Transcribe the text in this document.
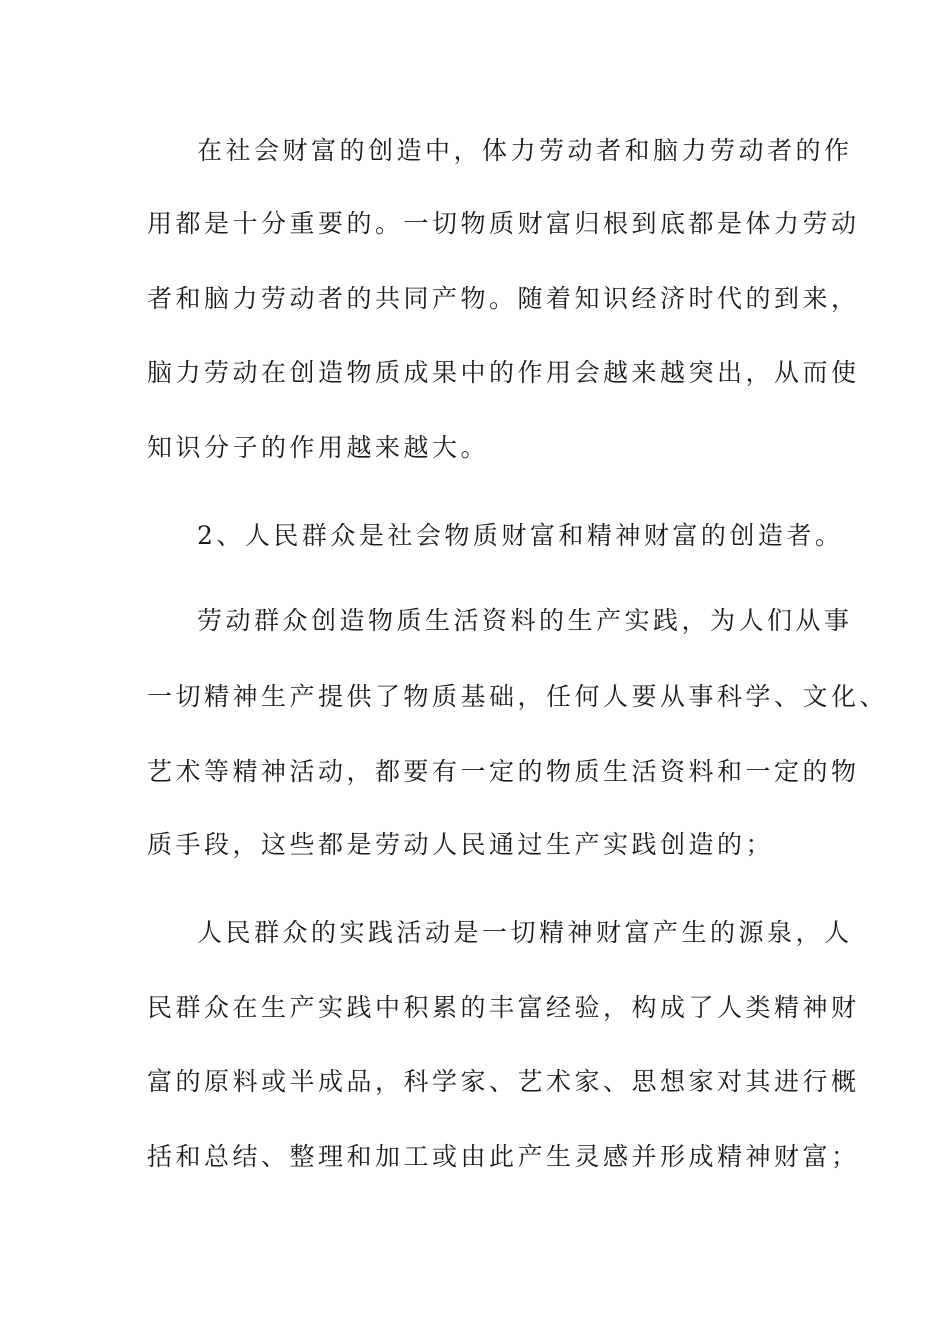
在社会财富的创造中，体力劳动者和脑力劳动者的作
用都是十分重要的。一切物质财富归根到底都是体力劳动
者和脑力劳动者的共同产物。随着知识经济时代的到来，
脑力劳动在创造物质成果中的作用会越来越突出，从而使
知识分子的作用越来越大。
2、人民群众是社会物质财富和精神财富的创造者。
劳动群众创造物质生活资料的生产实践，为人们从事
一切精神生产提供了物质基础，任何人要从事科学、文化、
艺术等精神活动，都要有一定的物质生活资料和一定的物
质手段，这些都是劳动人民通过生产实践创造的；
人民群众的实践活动是一切精神财富产生的源泉，人
民群众在生产实践中积累的丰富经验，构成了人类精神财
富的原料或半成品，科学家、艺术家、思想家对其进行概
括和总结、整理和加工或由此产生灵感并形成精神财富；
